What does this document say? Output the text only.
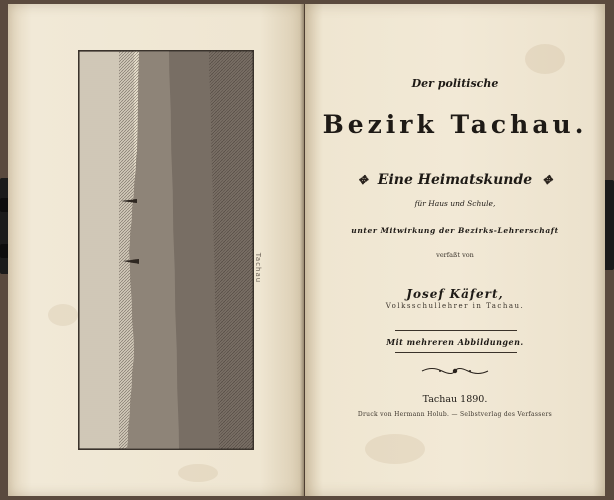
Tachau
Der politische
Bezirk Tachau.
✥ Eine Heimatskunde ✥
für Haus und Schule,
unter Mitwirkung der Bezirks-Lehrerschaft
verfaßt von
Josef Käfert,
Volksschullehrer in Tachau.
Mit mehreren Abbildungen.
Tachau 1890.
Druck von Hermann Holub. — Selbstverlag des Verfassers
